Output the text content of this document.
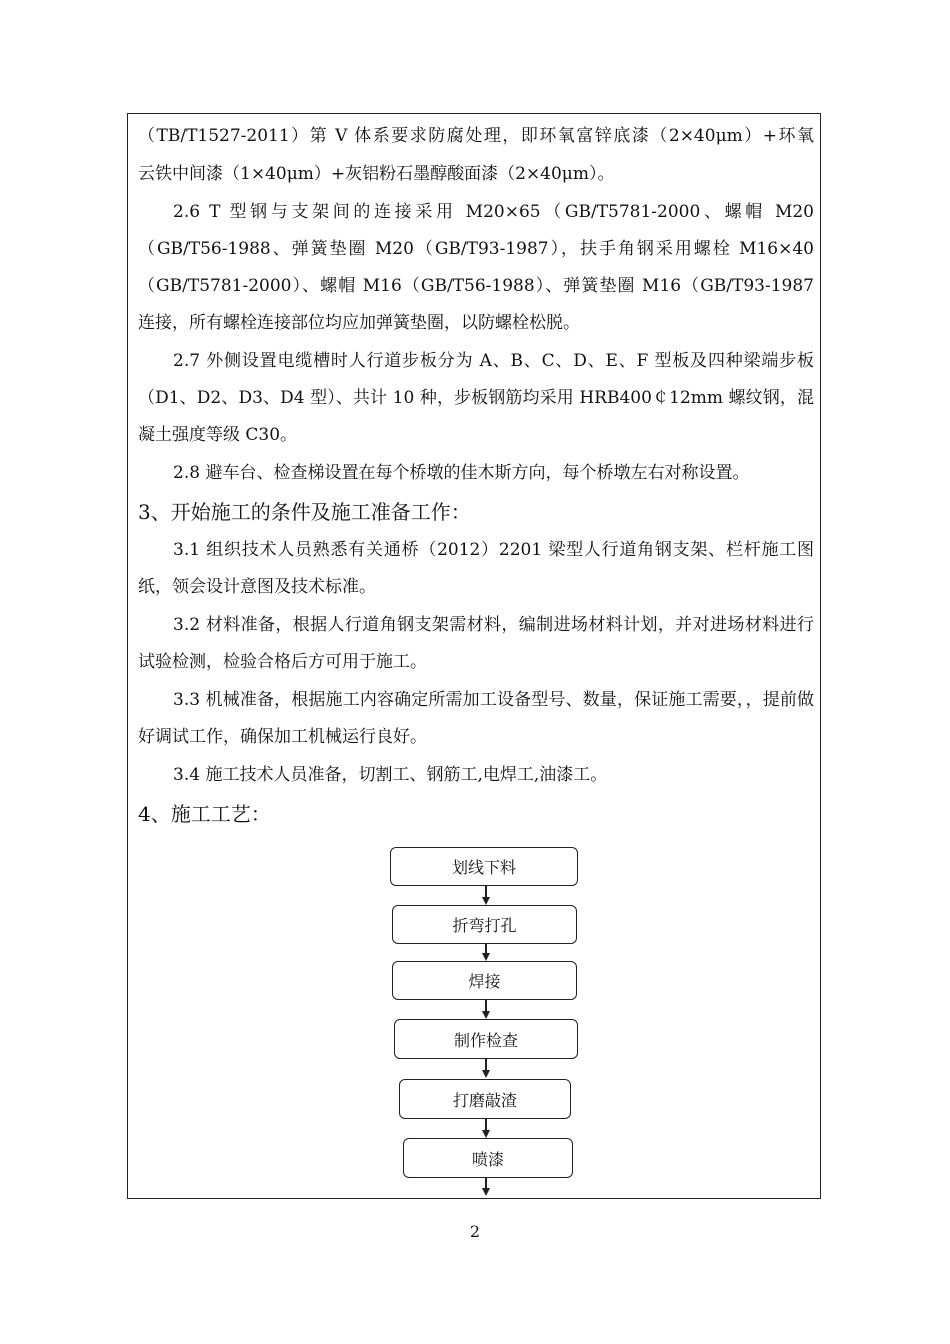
（TB/T1527-2011）第 V 体系要求防腐处理，即环氧富锌底漆（2×40μm）+环氧

云铁中间漆（1×40μm）+灰铝粉石墨醇酸面漆（2×40μm）。

2.6 T 型钢与支架间的连接采用 M20×65（GB/T5781-2000、螺帽 M20（GB/T56-1988、弹簧垫圈 M20（GB/T93-1987），扶手角钢采用螺栓 M16×40（GB/T5781-2000）、螺帽 M16（GB/T56-1988）、弹簧垫圈 M16（GB/T93-1987 连接，所有螺栓连接部位均应加弹簧垫圈，以防螺栓松脱。

2.7 外侧设置电缆槽时人行道步板分为 A、B、C、D、E、F 型板及四种梁端步板（D1、D2、D3、D4 型）、共计 10 种，步板钢筋均采用 HRB400￠12mm 螺纹钢，混凝土强度等级 C30。

2.8 避车台、检查梯设置在每个桥墩的佳木斯方向，每个桥墩左右对称设置。

3、开始施工的条件及施工准备工作：

3.1 组织技术人员熟悉有关通桥（2012）2201 梁型人行道角钢支架、栏杆施工图纸，领会设计意图及技术标准。

3.2 材料准备，根据人行道角钢支架需材料，编制进场材料计划，并对进场材料进行试验检测，检验合格后方可用于施工。

3.3 机械准备，根据施工内容确定所需加工设备型号、数量，保证施工需要，，提前做好调试工作，确保加工机械运行良好。

3.4 施工技术人员准备，切割工、钢筋工,电焊工,油漆工。

4、施工工艺：

划线下料
折弯打孔
焊接
制作检查
打磨敲渣
喷漆
2
